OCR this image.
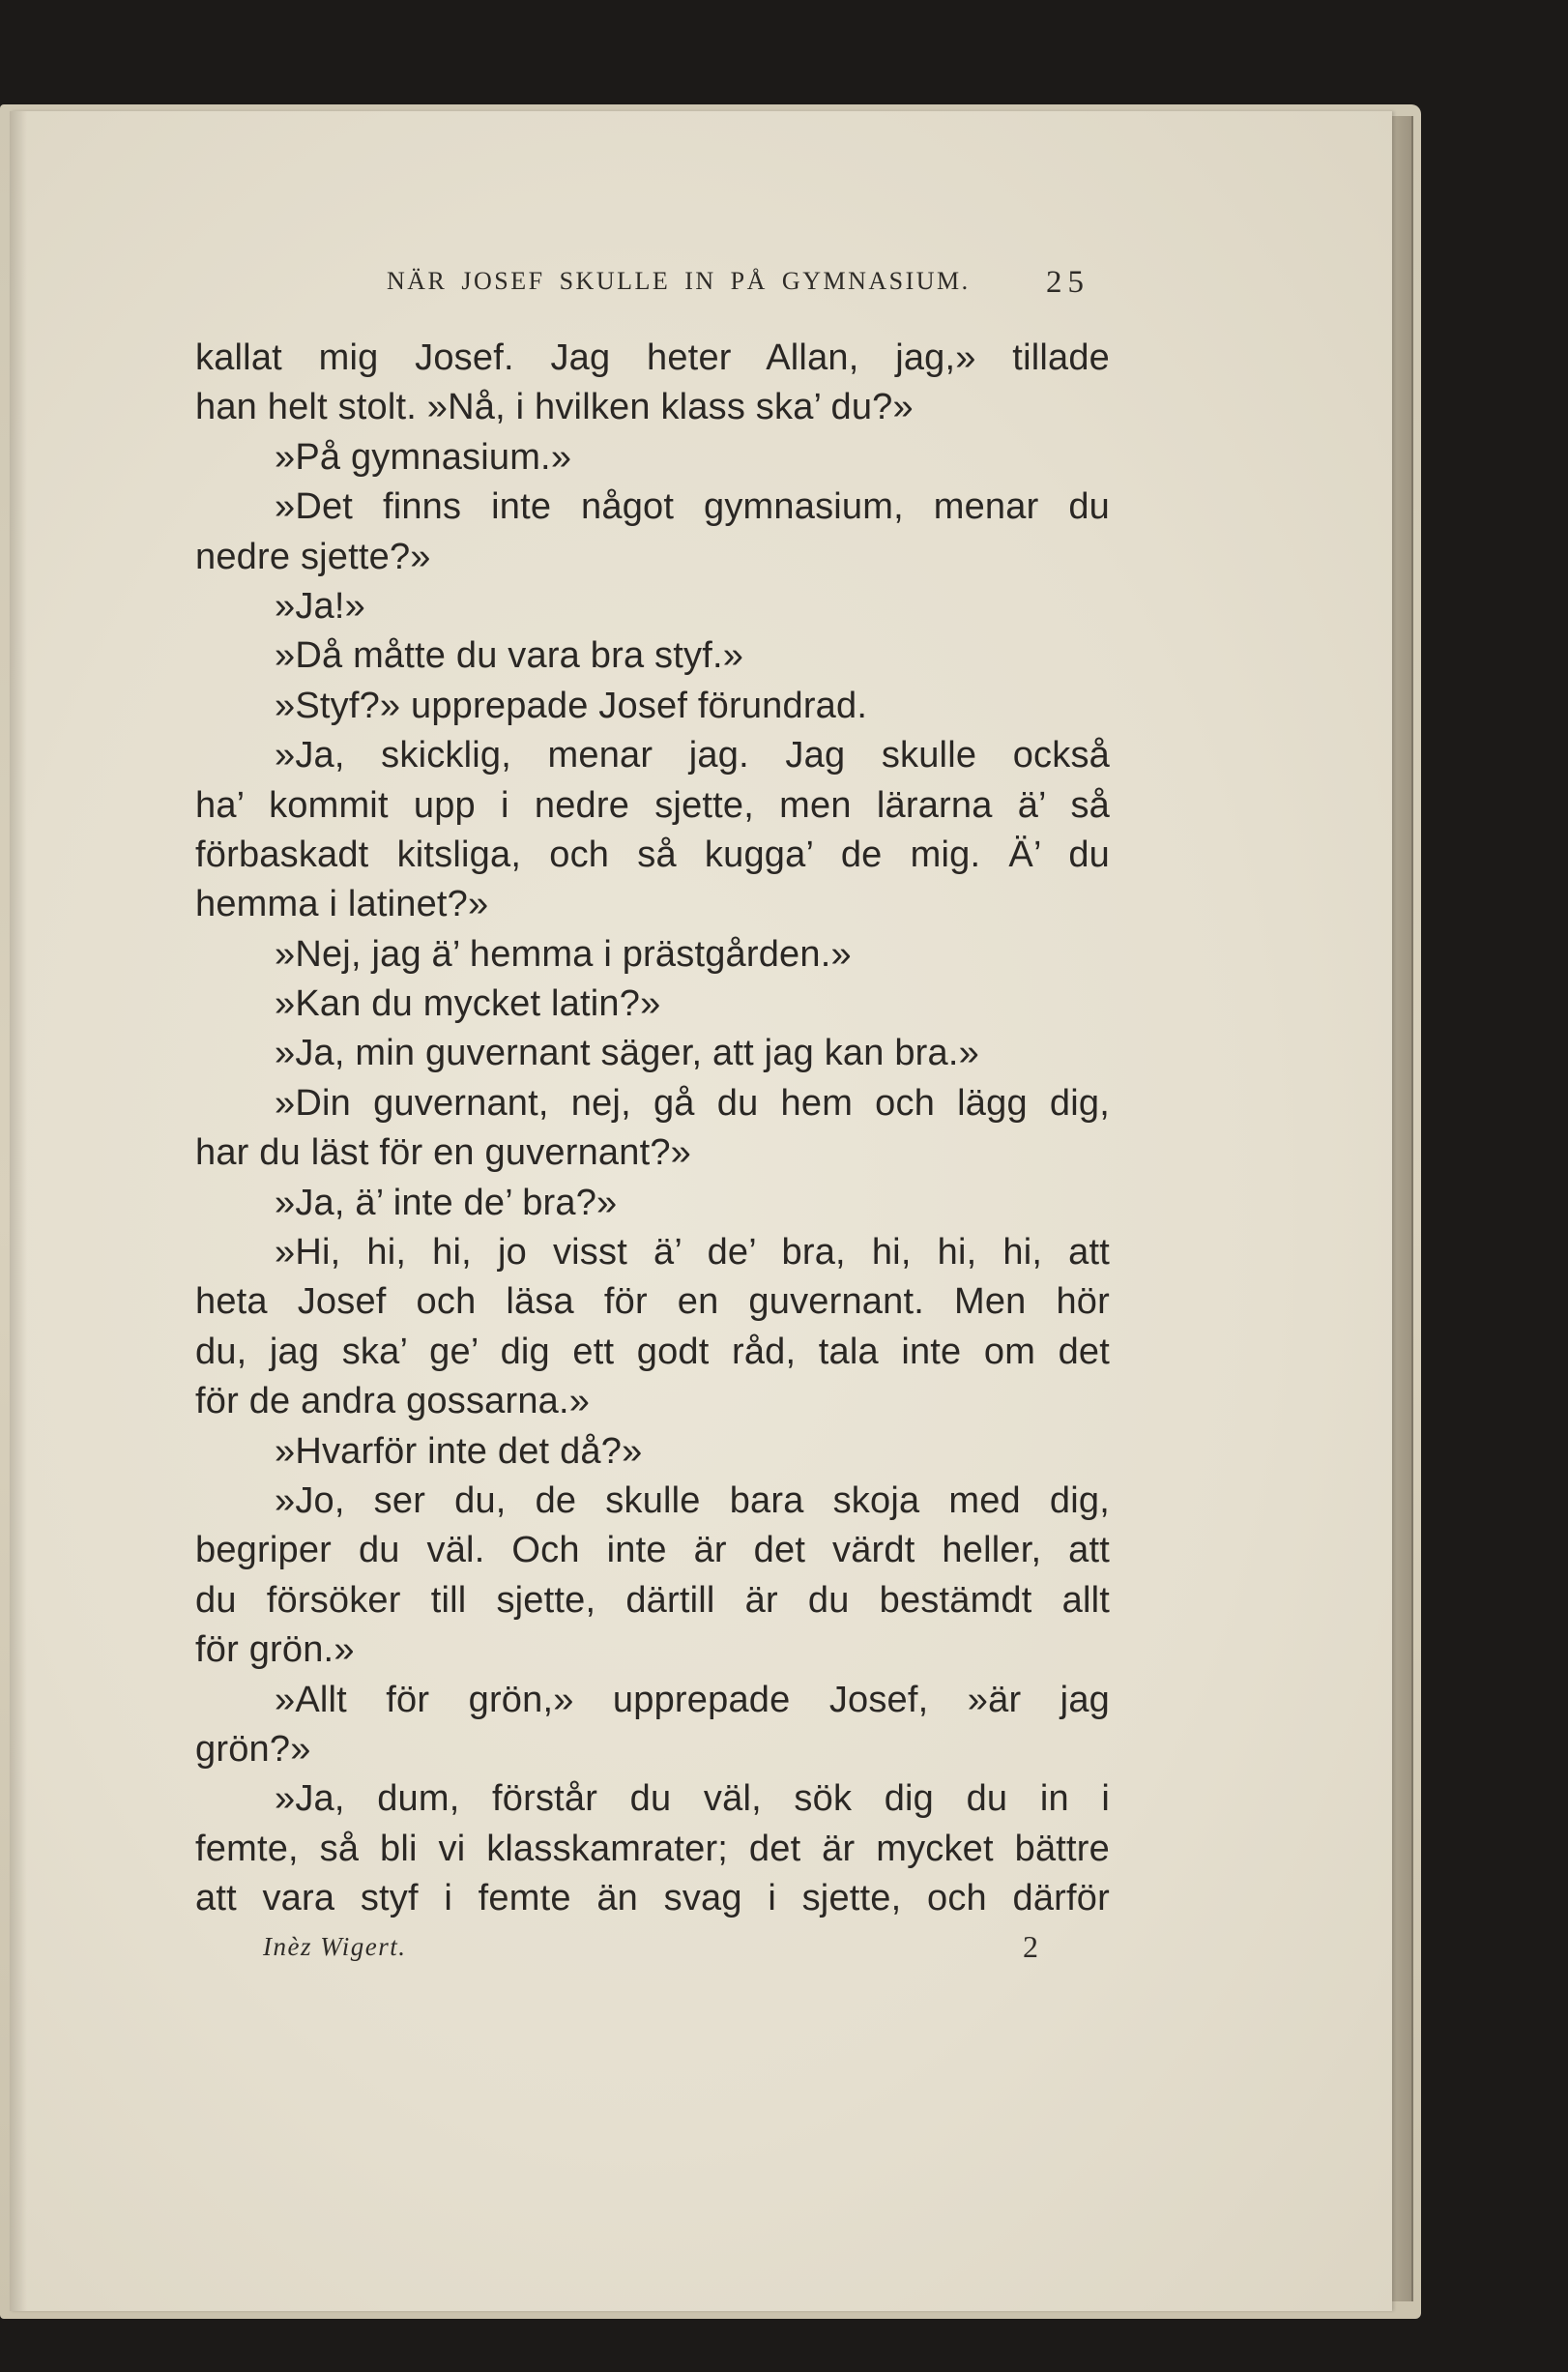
NÄR JOSEF SKULLE IN PÅ GYMNASIUM. 25
kallat mig Josef. Jag heter Allan, jag,» tillade
han helt stolt. »Nå, i hvilken klass ska’ du?»
»På gymnasium.»
»Det finns inte något gymnasium, menar du
nedre sjette?»
»Ja!»
»Då måtte du vara bra styf.»
»Styf?» upprepade Josef förundrad.
»Ja, skicklig, menar jag. Jag skulle också
ha’ kommit upp i nedre sjette, men lärarna ä’ så
förbaskadt kitsliga, och så kugga’ de mig. Ä’ du
hemma i latinet?»
»Nej, jag ä’ hemma i prästgården.»
»Kan du mycket latin?»
»Ja, min guvernant säger, att jag kan bra.»
»Din guvernant, nej, gå du hem och lägg dig,
har du läst för en guvernant?»
»Ja, ä’ inte de’ bra?»
»Hi, hi, hi, jo visst ä’ de’ bra, hi, hi, hi, att
heta Josef och läsa för en guvernant. Men hör
du, jag ska’ ge’ dig ett godt råd, tala inte om det
för de andra gossarna.»
»Hvarför inte det då?»
»Jo, ser du, de skulle bara skoja med dig,
begriper du väl. Och inte är det värdt heller, att
du försöker till sjette, därtill är du bestämdt allt
för grön.»
»Allt för grön,» upprepade Josef, »är jag
grön?»
»Ja, dum, förstår du väl, sök dig du in i
femte, så bli vi klasskamrater; det är mycket bättre
att vara styf i femte än svag i sjette, och därför
Inèz Wigert.	2
